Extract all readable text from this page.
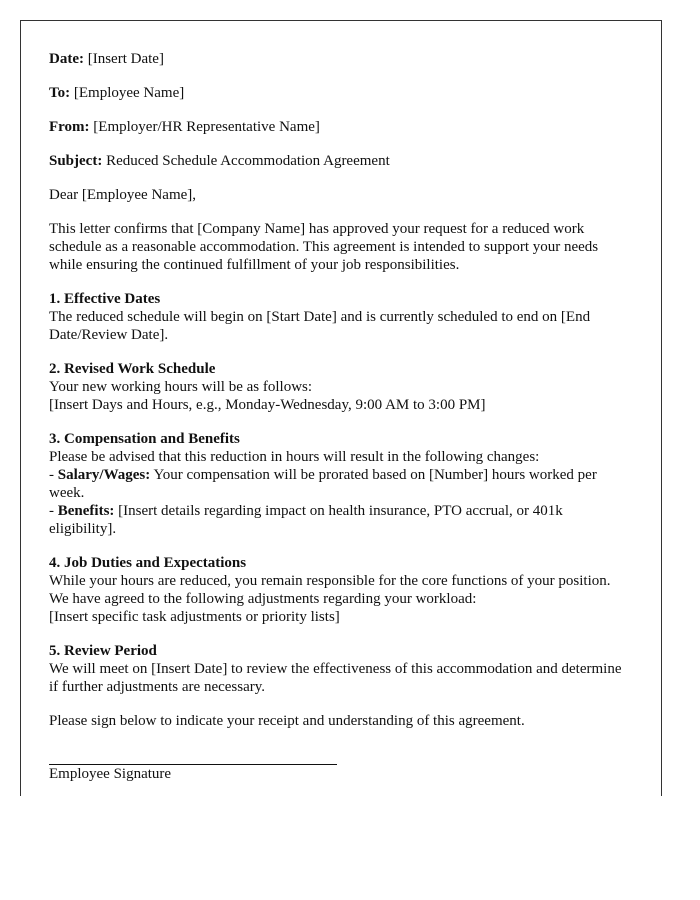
Date: [Insert Date]

To: [Employee Name]

From: [Employer/HR Representative Name]

Subject: Reduced Schedule Accommodation Agreement

Dear [Employee Name],

This letter confirms that [Company Name] has approved your request for a reduced work schedule as a reasonable accommodation. This agreement is intended to support your needs while ensuring the continued fulfillment of your job responsibilities.

1. Effective Dates
The reduced schedule will begin on [Start Date] and is currently scheduled to end on [End Date/Review Date].

2. Revised Work Schedule
Your new working hours will be as follows:
[Insert Days and Hours, e.g., Monday-Wednesday, 9:00 AM to 3:00 PM]

3. Compensation and Benefits
Please be advised that this reduction in hours will result in the following changes:
- Salary/Wages: Your compensation will be prorated based on [Number] hours worked per week.
- Benefits: [Insert details regarding impact on health insurance, PTO accrual, or 401k eligibility].

4. Job Duties and Expectations
While your hours are reduced, you remain responsible for the core functions of your position. We have agreed to the following adjustments regarding your workload:
[Insert specific task adjustments or priority lists]

5. Review Period
We will meet on [Insert Date] to review the effectiveness of this accommodation and determine if further adjustments are necessary.

Please sign below to indicate your receipt and understanding of this agreement.

Employee Signature
